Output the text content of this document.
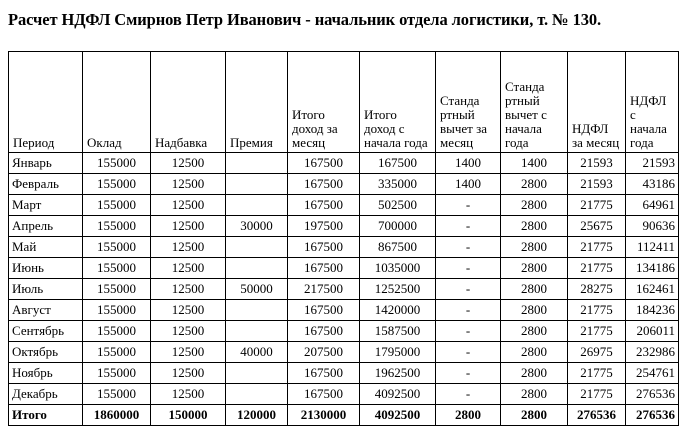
Расчет НДФЛ Смирнов Петр Иванович - начальник отдела логистики, т. № 130.
Период	Оклад	Надбавка	Премия	Итого доход за месяц	Итого доход с начала года	Станда ртный вычет за месяц	Станда ртный вычет с начала года	НДФЛ за месяц	НДФЛ с начала года
Январь	155000	12500		167500	167500	1400	1400	21593	21593
Февраль	155000	12500		167500	335000	1400	2800	21593	43186
Март	155000	12500		167500	502500	-	2800	21775	64961
Апрель	155000	12500	30000	197500	700000	-	2800	25675	90636
Май	155000	12500		167500	867500	-	2800	21775	112411
Июнь	155000	12500		167500	1035000	-	2800	21775	134186
Июль	155000	12500	50000	217500	1252500	-	2800	28275	162461
Август	155000	12500		167500	1420000	-	2800	21775	184236
Сентябрь	155000	12500		167500	1587500	-	2800	21775	206011
Октябрь	155000	12500	40000	207500	1795000	-	2800	26975	232986
Ноябрь	155000	12500		167500	1962500	-	2800	21775	254761
Декабрь	155000	12500		167500	4092500	-	2800	21775	276536
Итого	1860000	150000	120000	2130000	4092500	2800	2800	276536	276536
